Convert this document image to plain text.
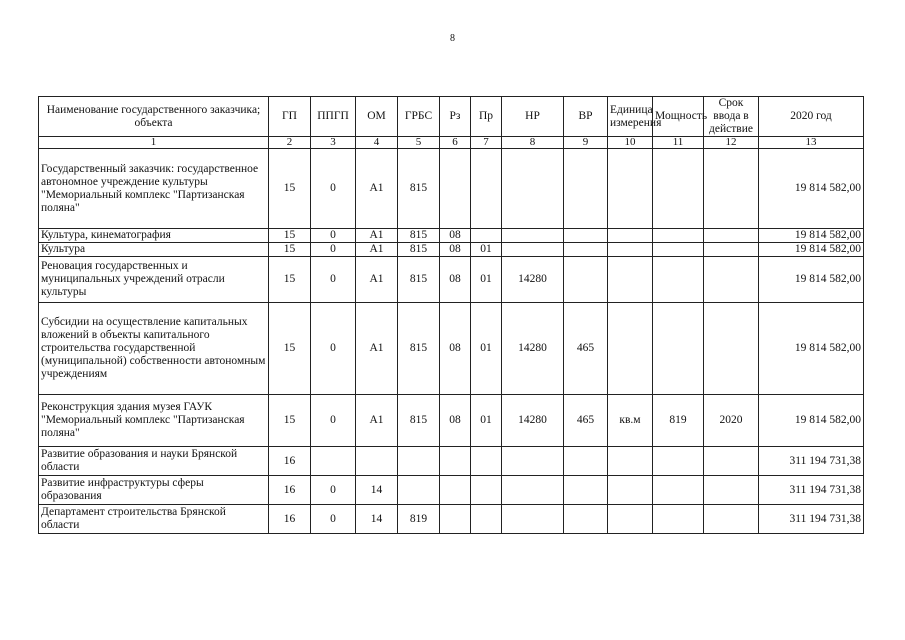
8
Наименование государственного заказчика; объекта	ГП	ППГП	ОМ	ГРБС	Рз	Пр	НР	ВР	Единица измерения	Мощность	Срок ввода в действие	2020 год
1	2	3	4	5	6	7	8	9	10	11	12	13
Государственный заказчик: государственное автономное учреждение культуры "Мемориальный комплекс "Партизанская поляна"	15	0	А1	815								19 814 582,00
Культура, кинематография	15	0	А1	815	08							19 814 582,00
Культура	15	0	А1	815	08	01						19 814 582,00
Реновация государственных и муниципальных учреждений отрасли культуры	15	0	А1	815	08	01	14280					19 814 582,00
Субсидии на осуществление капитальных вложений в объекты капитального строительства государственной (муниципальной) собственности автономным учреждениям	15	0	А1	815	08	01	14280	465				19 814 582,00
Реконструкция здания музея ГАУК "Мемориальный комплекс "Партизанская поляна"	15	0	А1	815	08	01	14280	465	кв.м	819	2020	19 814 582,00
Развитие образования и науки Брянской области	16											311 194 731,38
Развитие инфраструктуры сферы образования	16	0	14									311 194 731,38
Департамент строительства Брянской области	16	0	14	819								311 194 731,38
